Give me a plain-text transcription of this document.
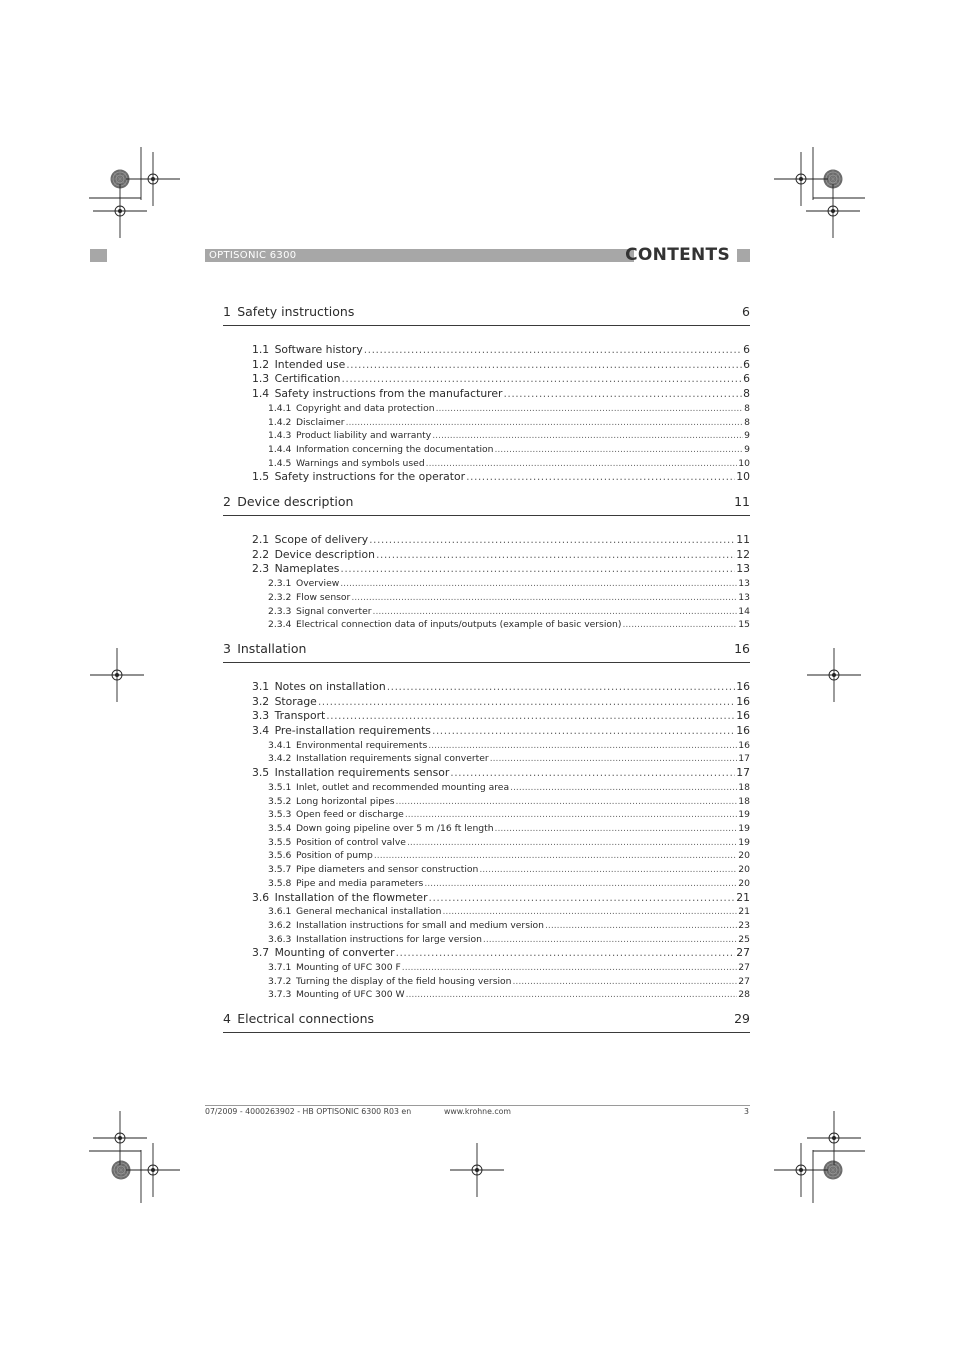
OPTISONIC 6300	CONTENTS
1  Safety instructions	6
1.1  Software history .....	6
1.2  Intended use .....	6
1.3  Certification .....	6
1.4  Safety instructions from the manufacturer .....	8
1.4.1  Copyright and data protection .....	8
1.4.2  Disclaimer .....	8
1.4.3  Product liability and warranty .....	9
1.4.4  Information concerning the documentation .....	9
1.4.5  Warnings and symbols used .....	10
1.5  Safety instructions for the operator .....	10
2  Device description	11
2.1  Scope of delivery .....	11
2.2  Device description .....	12
2.3  Nameplates .....	13
2.3.1  Overview .....	13
2.3.2  Flow sensor .....	13
2.3.3  Signal converter .....	14
2.3.4  Electrical connection data of inputs/outputs (example of basic version) .....	15
3  Installation	16
3.1  Notes on installation .....	16
3.2  Storage .....	16
3.3  Transport .....	16
3.4  Pre-installation requirements .....	16
3.4.1  Environmental requirements .....	16
3.4.2  Installation requirements signal converter .....	17
3.5  Installation requirements sensor .....	17
3.5.1  Inlet, outlet and recommended mounting area .....	18
3.5.2  Long horizontal pipes .....	18
3.5.3  Open feed or discharge .....	19
3.5.4  Down going pipeline over 5 m /16 ft length .....	19
3.5.5  Position of control valve .....	19
3.5.6  Position of pump .....	20
3.5.7  Pipe diameters and sensor construction .....	20
3.5.8  Pipe and media parameters .....	20
3.6  Installation of the flowmeter .....	21
3.6.1  General mechanical installation .....	21
3.6.2  Installation instructions for small and medium version .....	23
3.6.3  Installation instructions for large version .....	25
3.7  Mounting of converter .....	27
3.7.1  Mounting of UFC 300 F .....	27
3.7.2  Turning the display of the field housing version .....	27
3.7.3  Mounting of UFC 300 W .....	28
4  Electrical connections	29
07/2009 - 4000263902 - HB OPTISONIC 6300 R03 en	www.krohne.com	3
